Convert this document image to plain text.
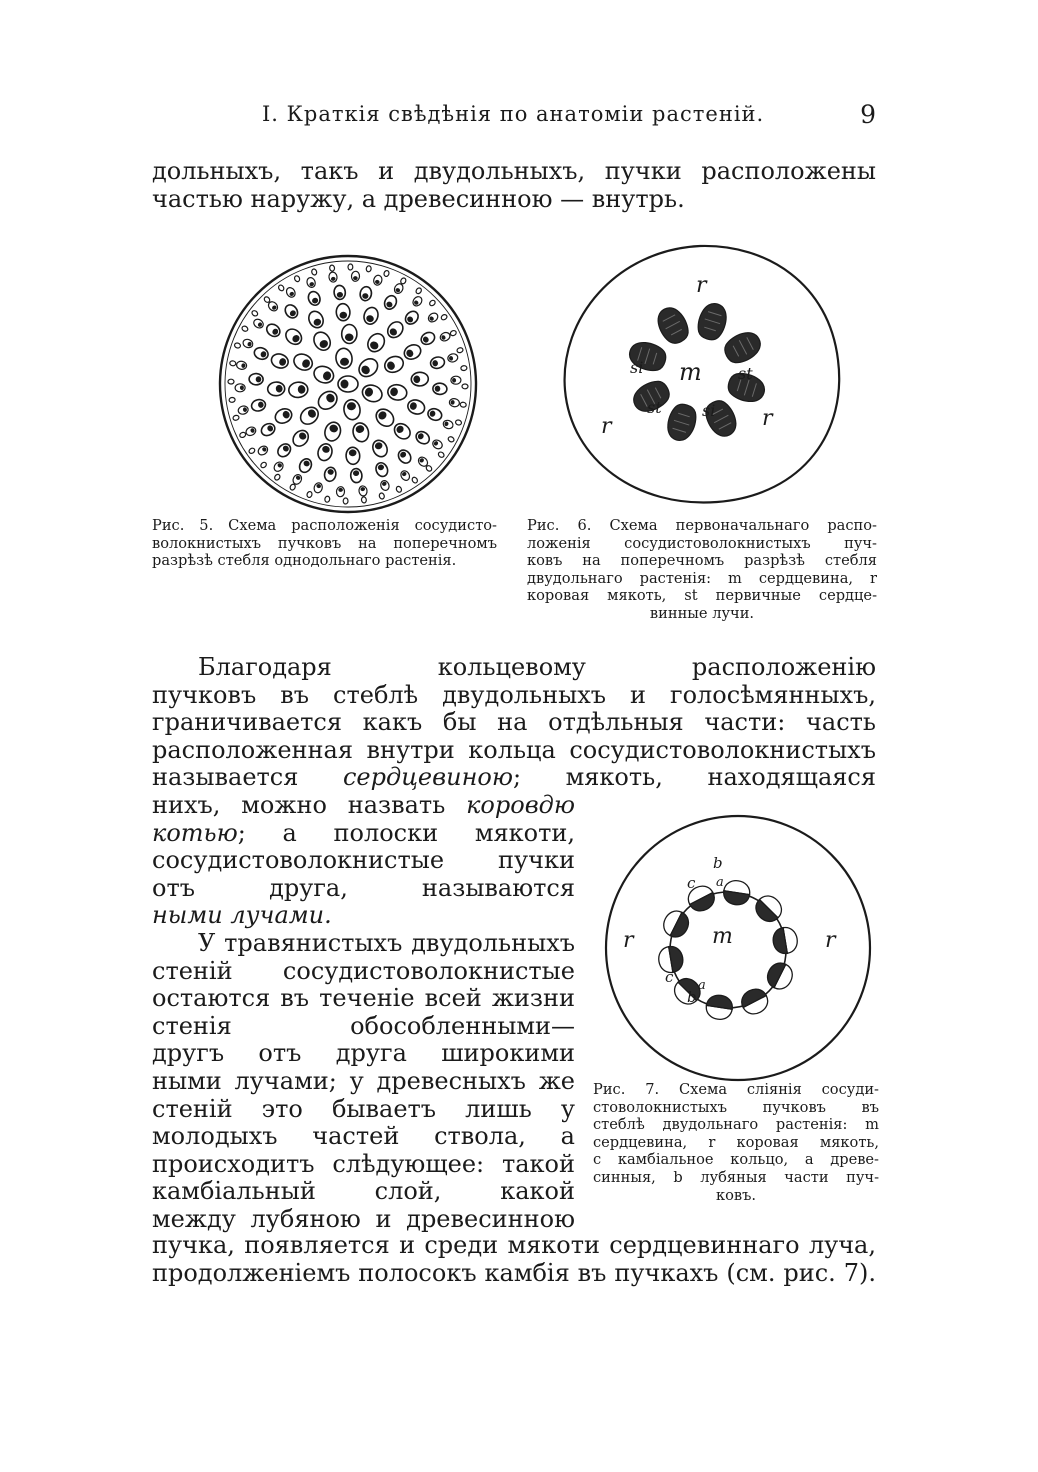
I. Краткія свѣдѣнія по анатоміи растеній.	9
дольныхъ, такъ и двудольныхъ, пучки расположены
частью наружу, а древесинною — внутрь.
r
m
si	st
st	si
r	r
Рис. 5. Схема расположенія сосудисто-
волокнистыхъ пучковъ на поперечномъ
разрѣзѣ стебля однодольнаго растенія.
Рис. 6. Схема первоначальнаго распо-
ложенія сосудистоволокнистыхъ пуч-
ковъ на поперечномъ разрѣзѣ стебля
двудольнаго растенія: m сердцевина, r
коровая мякоть, st первичные сердце-
винные лучи.
Благодаря кольцевому расположенію
пучковъ въ стеблѣ двудольныхъ и голосѣмянныхъ,
граничивается какъ бы на отдѣльныя части: часть
расположенная внутри кольца сосудистоволокнистыхъ
называется сердцевиною; мякоть, находящаяся
нихъ, можно назвать коровдю
котью; а полоски мякоти,
сосудистоволокнистые пучки
отъ друга, называются
ными лучами.
У травянистыхъ двудольныхъ
стеній сосудистоволокнистые
остаются въ теченіе всей жизни
стенія обособленными—
другъ отъ друга широкими
ными лучами; у древесныхъ же
стеній это бываетъ лишь у
молодыхъ частей ствола, а
происходитъ слѣдующее: такой
камбіальный слой, какой
между лубяною и древесинною
m
r	r
c
b
a
c
b
a
Рис. 7. Схема сліянія сосуди-
стоволокнистыхъ пучковъ въ
стеблѣ двудольнаго растенія: m
сердцевина, r коровая мякоть,
c камбіальное кольцо, a древе-
синныя, b лубяныя части пуч-
ковъ.
пучка, появляется и среди мякоти сердцевиннаго луча,
продолженіемъ полосокъ камбія въ пучкахъ (см. рис. 7).
